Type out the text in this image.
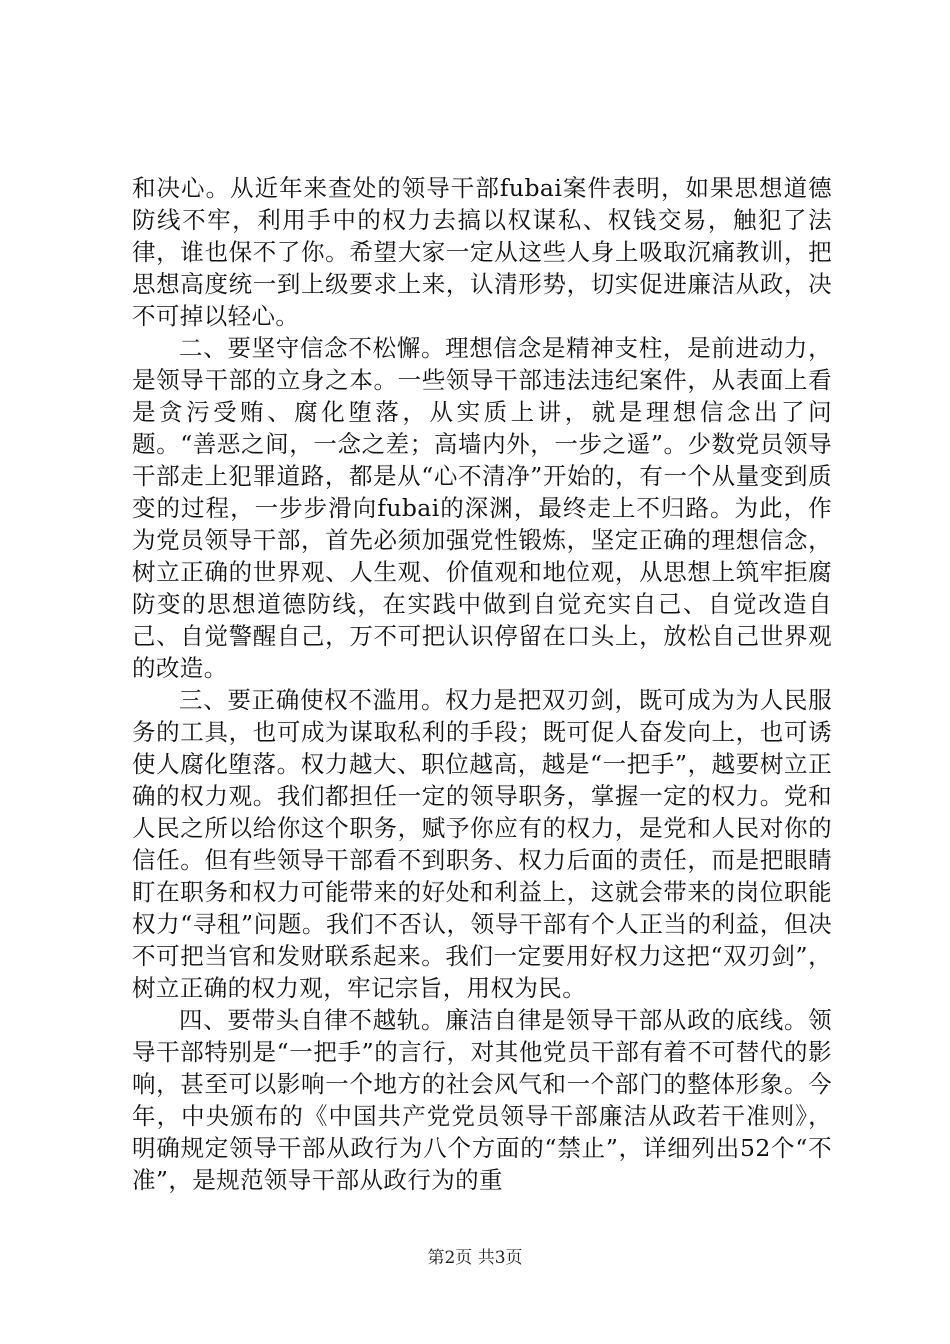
和决心。从近年来查处的领导干部fubai案件表明，如果思想道德防线不牢，利用手中的权力去搞以权谋私、权钱交易，触犯了法律，谁也保不了你。希望大家一定从这些人身上吸取沉痛教训，把思想高度统一到上级要求上来，认清形势，切实促进廉洁从政，决不可掉以轻心。

二、要坚守信念不松懈。理想信念是精神支柱，是前进动力，是领导干部的立身之本。一些领导干部违法违纪案件，从表面上看是贪污受贿、腐化堕落，从实质上讲，就是理想信念出了问题。“善恶之间，一念之差；高墙内外，一步之遥”。少数党员领导干部走上犯罪道路，都是从“心不清净”开始的，有一个从量变到质变的过程，一步步滑向fubai的深渊，最终走上不归路。为此，作为党员领导干部，首先必须加强党性锻炼，坚定正确的理想信念，树立正确的世界观、人生观、价值观和地位观，从思想上筑牢拒腐防变的思想道德防线，在实践中做到自觉充实自己、自觉改造自己、自觉警醒自己，万不可把认识停留在口头上，放松自己世界观的改造。

三、要正确使权不滥用。权力是把双刃剑，既可成为为人民服务的工具，也可成为谋取私利的手段；既可促人奋发向上，也可诱使人腐化堕落。权力越大、职位越高，越是“一把手”，越要树立正确的权力观。我们都担任一定的领导职务，掌握一定的权力。党和人民之所以给你这个职务，赋予你应有的权力，是党和人民对你的信任。但有些领导干部看不到职务、权力后面的责任，而是把眼睛盯在职务和权力可能带来的好处和利益上，这就会带来的岗位职能权力“寻租”问题。我们不否认，领导干部有个人正当的利益，但决不可把当官和发财联系起来。我们一定要用好权力这把“双刃剑”，树立正确的权力观，牢记宗旨，用权为民。

四、要带头自律不越轨。廉洁自律是领导干部从政的底线。领导干部特别是“一把手”的言行，对其他党员干部有着不可替代的影响，甚至可以影响一个地方的社会风气和一个部门的整体形象。今年，中央颁布的《中国共产党党员领导干部廉洁从政若干准则》，明确规定领导干部从政行为八个方面的“禁止”，详细列出52个“不准”，是规范领导干部从政行为的重

第2页 共3页
